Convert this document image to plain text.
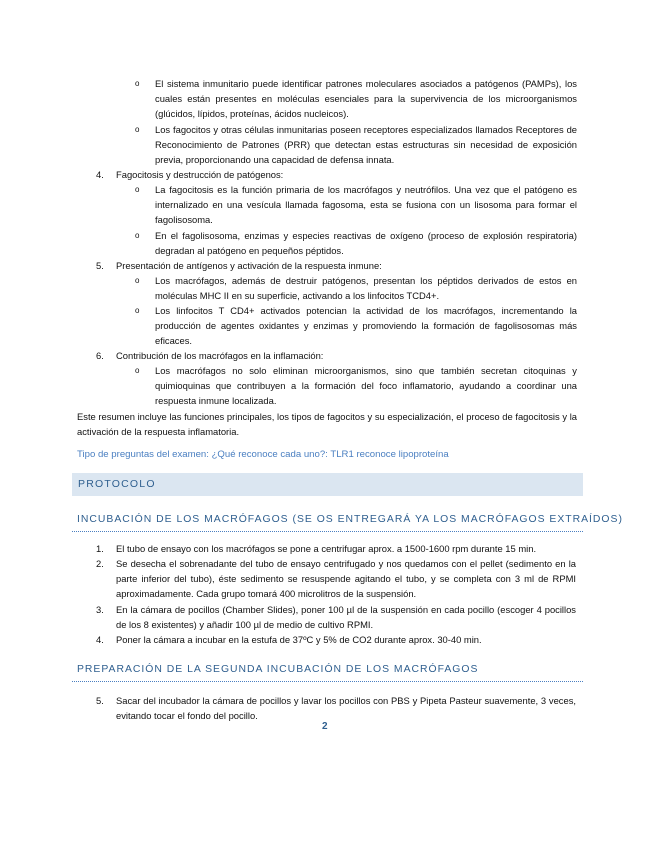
o El sistema inmunitario puede identificar patrones moleculares asociados a patógenos (PAMPs), los cuales están presentes en moléculas esenciales para la supervivencia de los microorganismos (glúcidos, lípidos, proteínas, ácidos nucleicos).
o Los fagocitos y otras células inmunitarias poseen receptores especializados llamados Receptores de Reconocimiento de Patrones (PRR) que detectan estas estructuras sin necesidad de exposición previa, proporcionando una capacidad de defensa innata.
4. Fagocitosis y destrucción de patógenos:
o La fagocitosis es la función primaria de los macrófagos y neutrófilos. Una vez que el patógeno es internalizado en una vesícula llamada fagosoma, esta se fusiona con un lisosoma para formar el fagolisosoma.
o En el fagolisosoma, enzimas y especies reactivas de oxígeno (proceso de explosión respiratoria) degradan al patógeno en pequeños péptidos.
5. Presentación de antígenos y activación de la respuesta inmune:
o Los macrófagos, además de destruir patógenos, presentan los péptidos derivados de estos en moléculas MHC II en su superficie, activando a los linfocitos TCD4+.
o Los linfocitos T CD4+ activados potencian la actividad de los macrófagos, incrementando la producción de agentes oxidantes y enzimas y promoviendo la formación de fagolisosomas más eficaces.
6. Contribución de los macrófagos en la inflamación:
o Los macrófagos no solo eliminan microorganismos, sino que también secretan citoquinas y quimioquinas que contribuyen a la formación del foco inflamatorio, ayudando a coordinar una respuesta inmune localizada.
Este resumen incluye las funciones principales, los tipos de fagocitos y su especialización, el proceso de fagocitosis y la activación de la respuesta inflamatoria.
Tipo de preguntas del examen: ¿Qué reconoce cada uno?: TLR1 reconoce lipoproteína
PROTOCOLO
INCUBACIÓN DE LOS MACRÓFAGOS (SE OS ENTREGARÁ YA LOS MACRÓFAGOS EXTRAÍDOS)
1. El tubo de ensayo con los macrófagos se pone a centrifugar aprox. a 1500-1600 rpm durante 15 min.
2. Se desecha el sobrenadante del tubo de ensayo centrifugado y nos quedamos con el pellet (sedimento en la parte inferior del tubo), éste sedimento se resuspende agitando el tubo, y se completa con 3 ml de RPMI aproximadamente. Cada grupo tomará 400 microlitros de la suspensión.
3. En la cámara de pocillos (Chamber Slides), poner 100 µl de la suspensión en cada pocillo (escoger 4 pocillos de los 8 existentes) y añadir 100 µl de medio de cultivo RPMI.
4. Poner la cámara a incubar en la estufa de 37ºC y 5% de CO2 durante aprox. 30-40 min.
PREPARACIÓN DE LA SEGUNDA INCUBACIÓN DE LOS MACRÓFAGOS
5. Sacar del incubador la cámara de pocillos y lavar los pocillos con PBS y Pipeta Pasteur suavemente, 3 veces, evitando tocar el fondo del pocillo.
2
